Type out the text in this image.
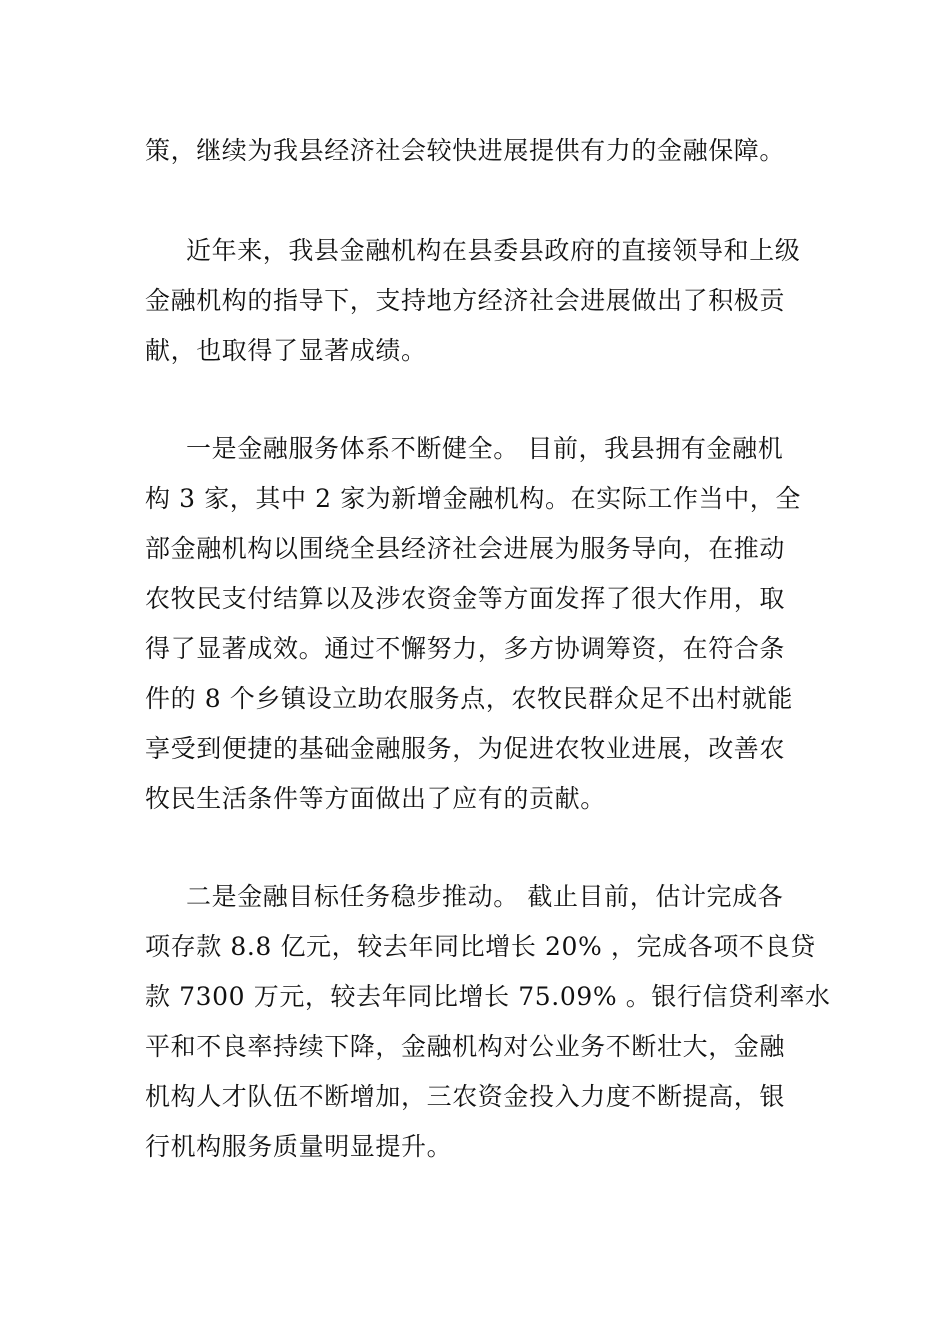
策，继续为我县经济社会较快进展提供有力的金融保障。
近年来，我县金融机构在县委县政府的直接领导和上级
金融机构的指导下，支持地方经济社会进展做出了积极贡
献，也取得了显著成绩。
一是金融服务体系不断健全。 目前，我县拥有金融机
构 3 家，其中 2 家为新增金融机构。在实际工作当中，全
部金融机构以围绕全县经济社会进展为服务导向，在推动
农牧民支付结算以及涉农资金等方面发挥了很大作用，取
得了显著成效。通过不懈努力，多方协调筹资，在符合条
件的 8 个乡镇设立助农服务点，农牧民群众足不出村就能
享受到便捷的基础金融服务，为促进农牧业进展，改善农
牧民生活条件等方面做出了应有的贡献。
二是金融目标任务稳步推动。 截止目前，估计完成各
项存款 8.8 亿元，较去年同比增长 20% ，完成各项不良贷
款 7300 万元，较去年同比增长 75.09% 。银行信贷利率水
平和不良率持续下降，金融机构对公业务不断壮大，金融
机构人才队伍不断增加，三农资金投入力度不断提高，银
行机构服务质量明显提升。
